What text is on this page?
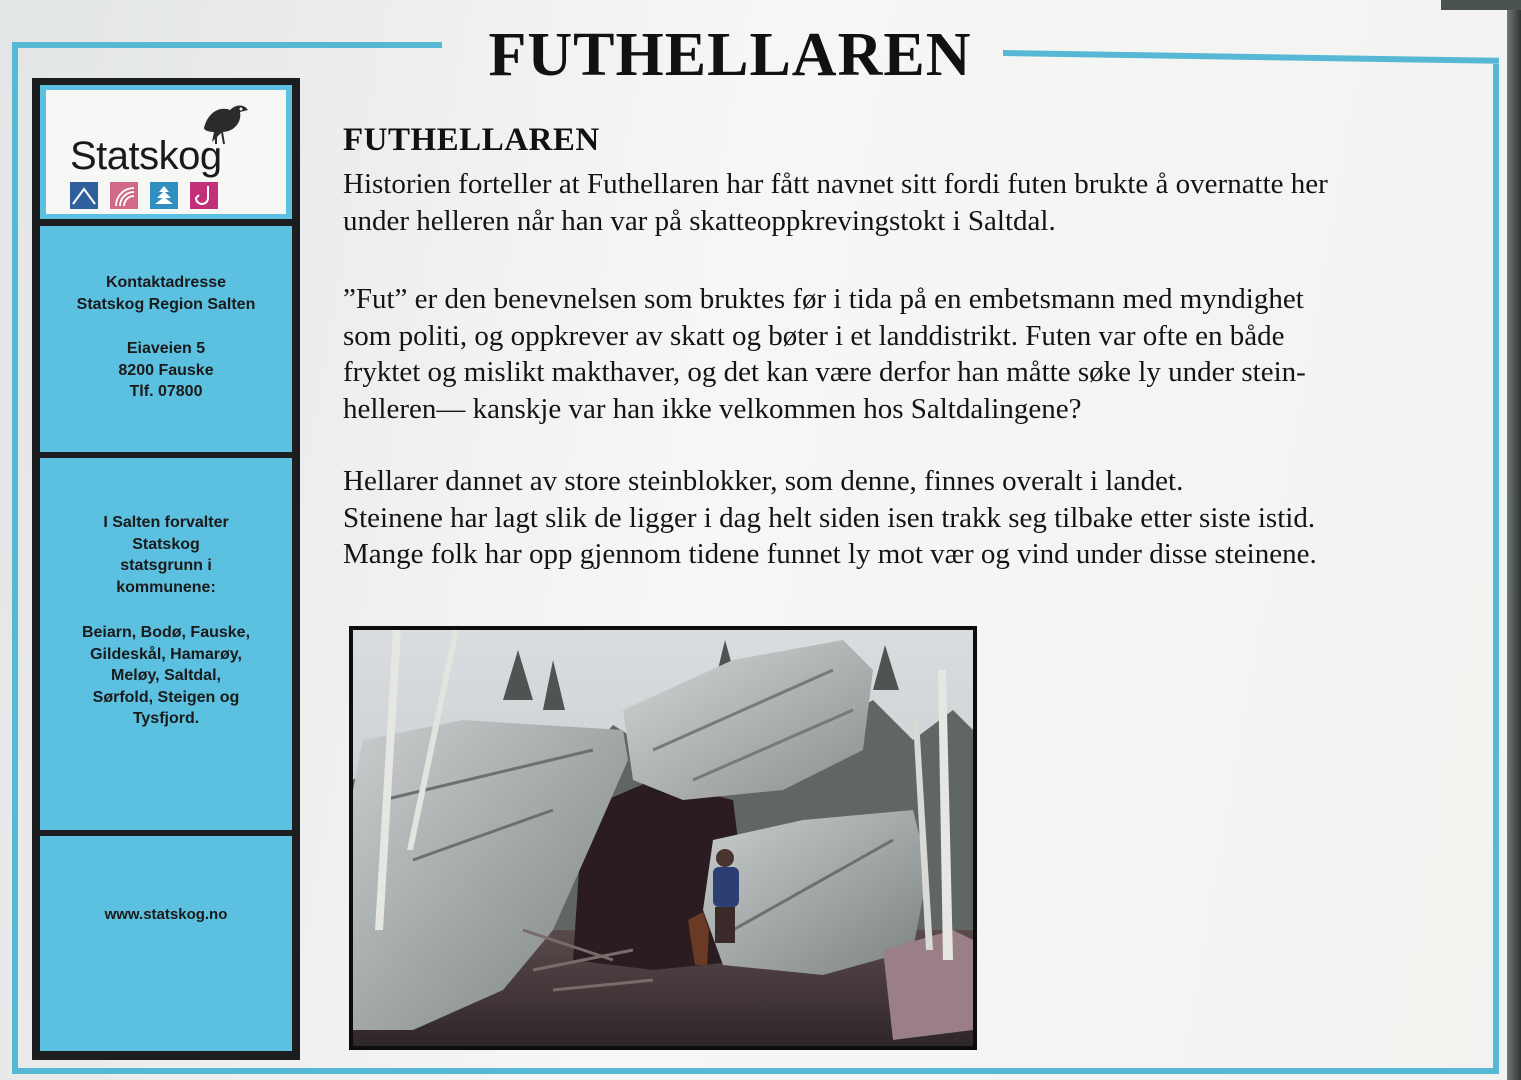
FUTHELLAREN
Statskog
Kontaktadresse
Statskog Region Salten
Eiaveien 5
8200 Fauske
Tlf. 07800
I Salten forvalter
Statskog
statsgrunn i
kommunene:
Beiarn, Bodø, Fauske,
Gildeskål, Hamarøy,
Meløy, Saltdal,
Sørfold, Steigen og
Tysfjord.
www.statskog.no
FUTHELLAREN
Historien forteller at Futhellaren har fått navnet sitt fordi futen brukte å overnatte her
under helleren når han var på skatteoppkrevingstokt i Saltdal.
”Fut” er den benevnelsen som bruktes før i tida på en embetsmann med myndighet
som politi, og oppkrever av skatt og bøter i et landdistrikt. Futen var ofte en både
fryktet og mislikt makthaver, og det kan være derfor han måtte søke ly under stein-
helleren— kanskje var han ikke velkommen hos Saltdalingene?
Hellarer dannet av store steinblokker, som denne, finnes overalt i landet.
Steinene har lagt slik de ligger i dag helt siden isen trakk seg tilbake etter siste istid.
Mange folk har opp gjennom tidene funnet ly mot vær og vind under disse steinene.
